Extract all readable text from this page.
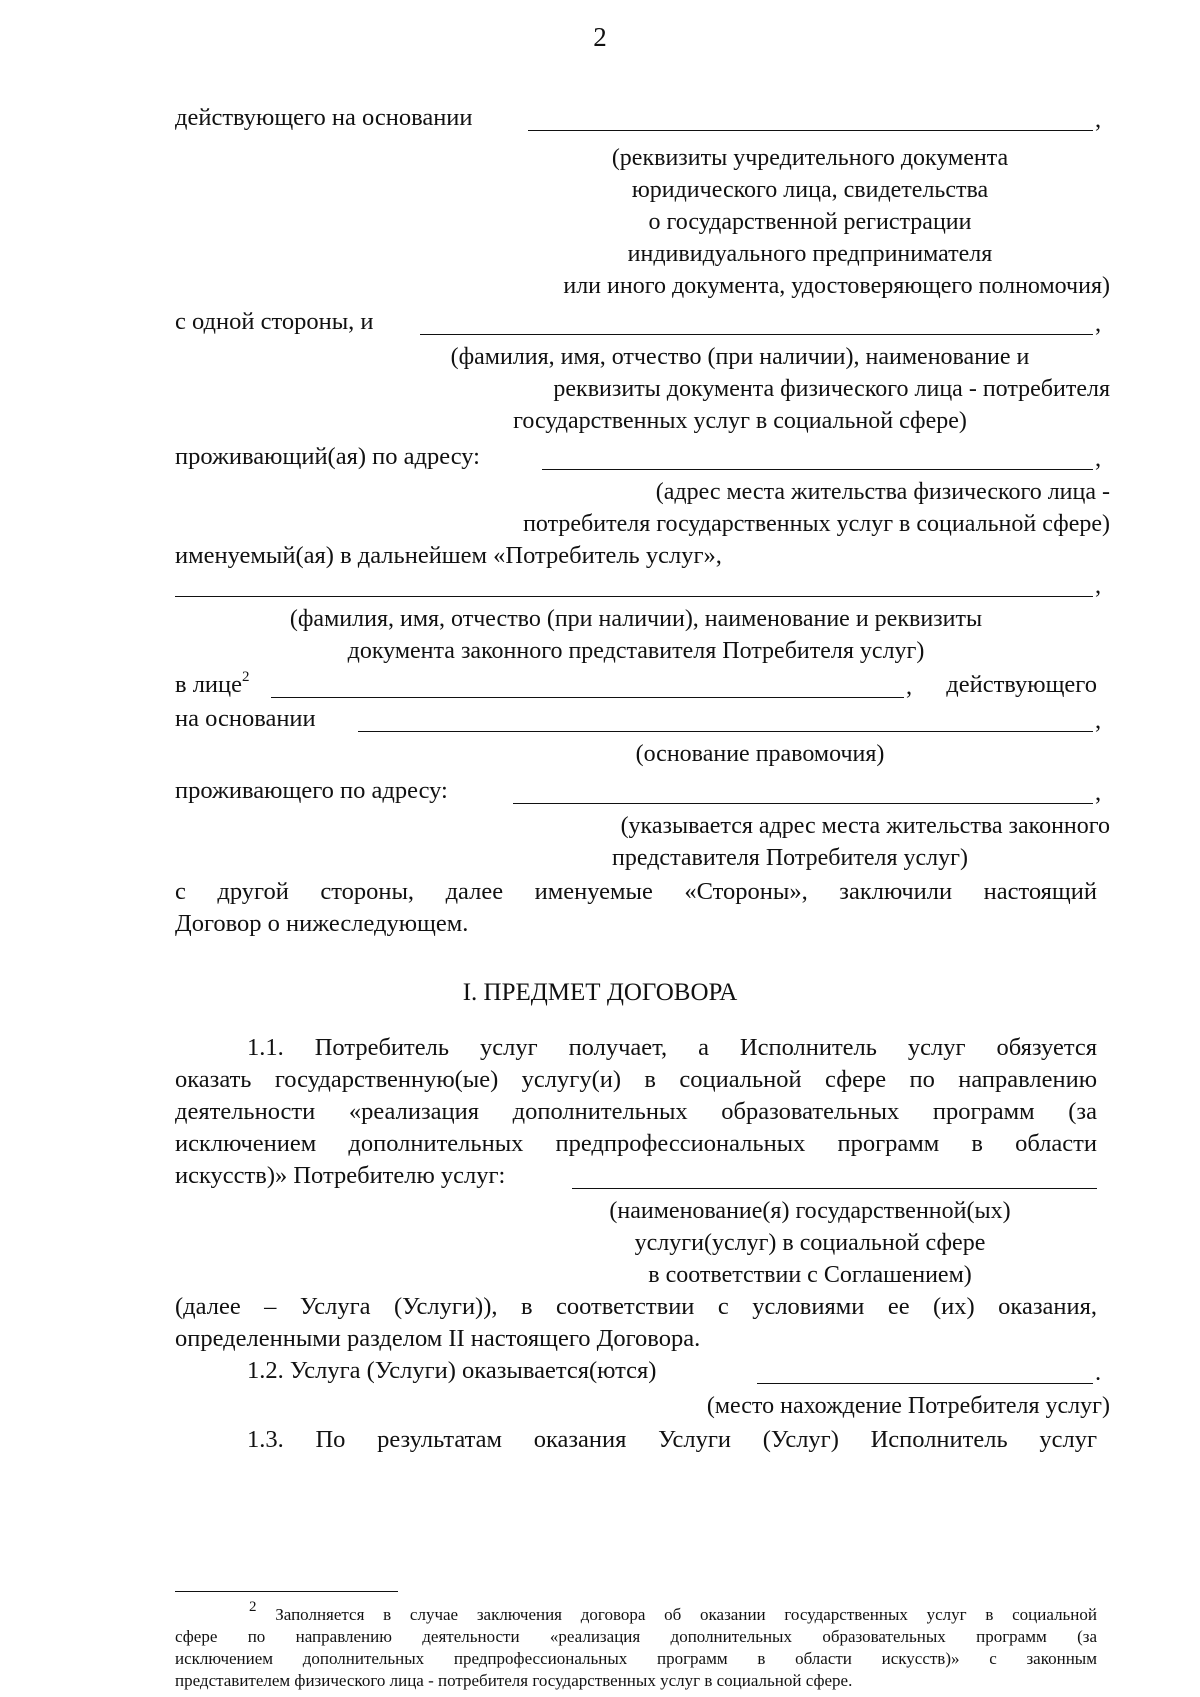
2
действующего на основании	,
(реквизиты учредительного документа
юридического лица, свидетельства
о государственной регистрации
индивидуального предпринимателя
или иного документа, удостоверяющего полномочия)
с одной стороны, и	,
(фамилия, имя, отчество (при наличии), наименование и
реквизиты документа физического лица - потребителя
государственных услуг в социальной сфере)
проживающий(ая) по адресу:	,
(адрес места жительства физического лица -
потребителя государственных услуг в социальной сфере)
именуемый(ая) в дальнейшем «Потребитель услуг»,
,
(фамилия, имя, отчество (при наличии), наименование и реквизиты
документа законного представителя Потребителя услуг)
в лице$^2$	, действующего
на основании	,
(основание правомочия)
проживающего по адресу:	,
(указывается адрес места жительства законного
представителя Потребителя услуг)
с другой стороны, далее именуемые «Стороны», заключили настоящий
Договор о нижеследующем.
I. ПРЕДМЕТ ДОГОВОРА
1.1. Потребитель услуг получает, а Исполнитель услуг обязуется
оказать государственную(ые) услугу(и) в социальной сфере по направлению
деятельности «реализация дополнительных образовательных программ (за
исключением дополнительных предпрофессиональных программ в области
искусств)» Потребителю услуг:
(наименование(я) государственной(ых)
услуги(услуг) в социальной сфере
в соответствии с Соглашением)
(далее – Услуга (Услуги)), в соответствии с условиями ее (их) оказания,
определенными разделом II настоящего Договора.
1.2. Услуга (Услуги) оказывается(ются)	.
(место нахождение Потребителя услуг)
1.3. По результатам оказания Услуги (Услуг) Исполнитель услуг
$^2$ Заполняется в случае заключения договора об оказании государственных услуг в социальной
сфере по направлению деятельности «реализация дополнительных образовательных программ (за
исключением дополнительных предпрофессиональных программ в области искусств)» с законным
представителем физического лица - потребителя государственных услуг в социальной сфере.
